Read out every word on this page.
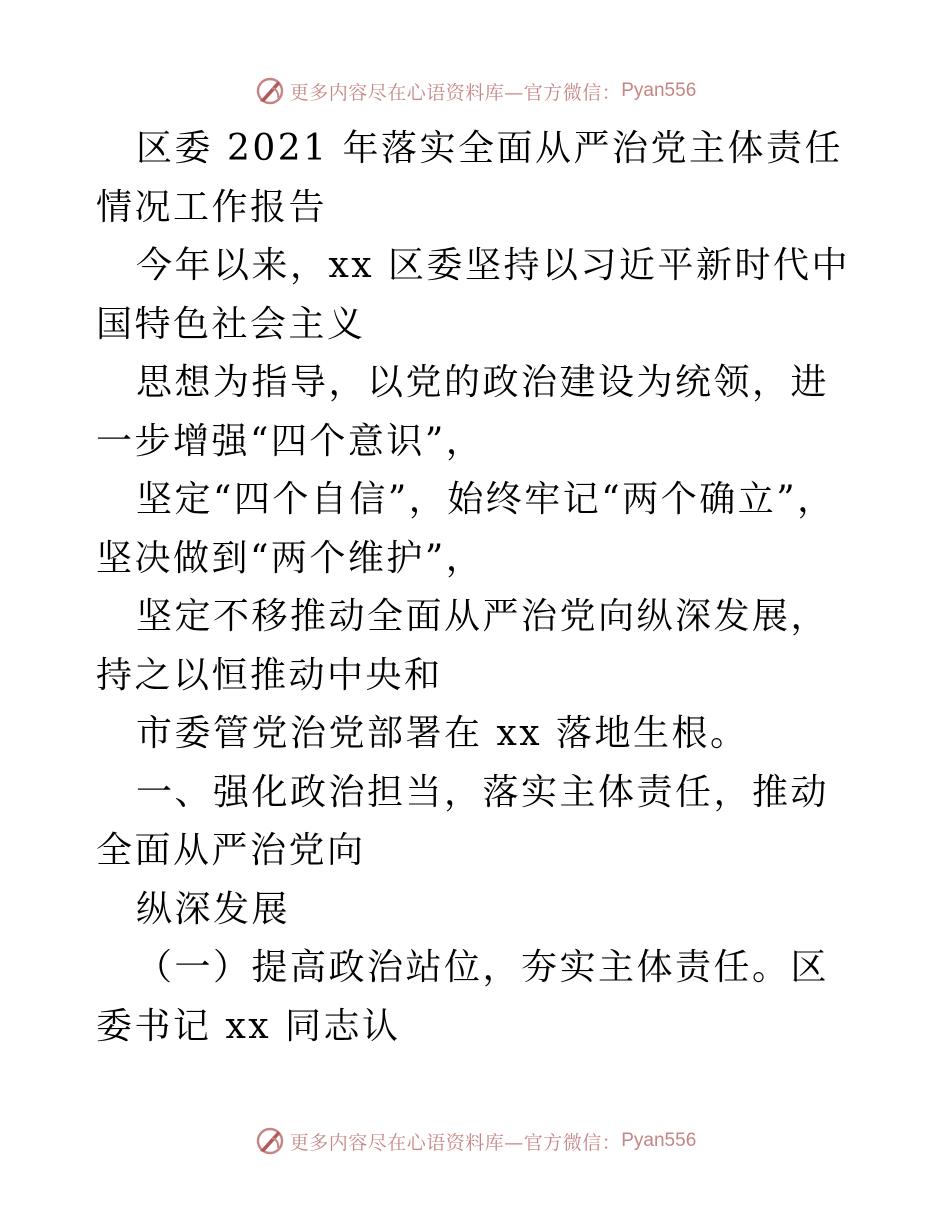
更多内容尽在心语资料库—官方微信： Pyan556

区委 2021 年落实全面从严治党主体责任情况工作报告

今年以来，xx 区委坚持以习近平新时代中国特色社会主义

思想为指导，以党的政治建设为统领，进一步增强“四个意识”，

坚定“四个自信”，始终牢记“两个确立”，坚决做到“两个维护”，

坚定不移推动全面从严治党向纵深发展，持之以恒推动中央和

市委管党治党部署在 xx 落地生根。

一、强化政治担当，落实主体责任，推动全面从严治党向

纵深发展

（一）提高政治站位，夯实主体责任。区委书记 xx 同志认

更多内容尽在心语资料库—官方微信： Pyan556
